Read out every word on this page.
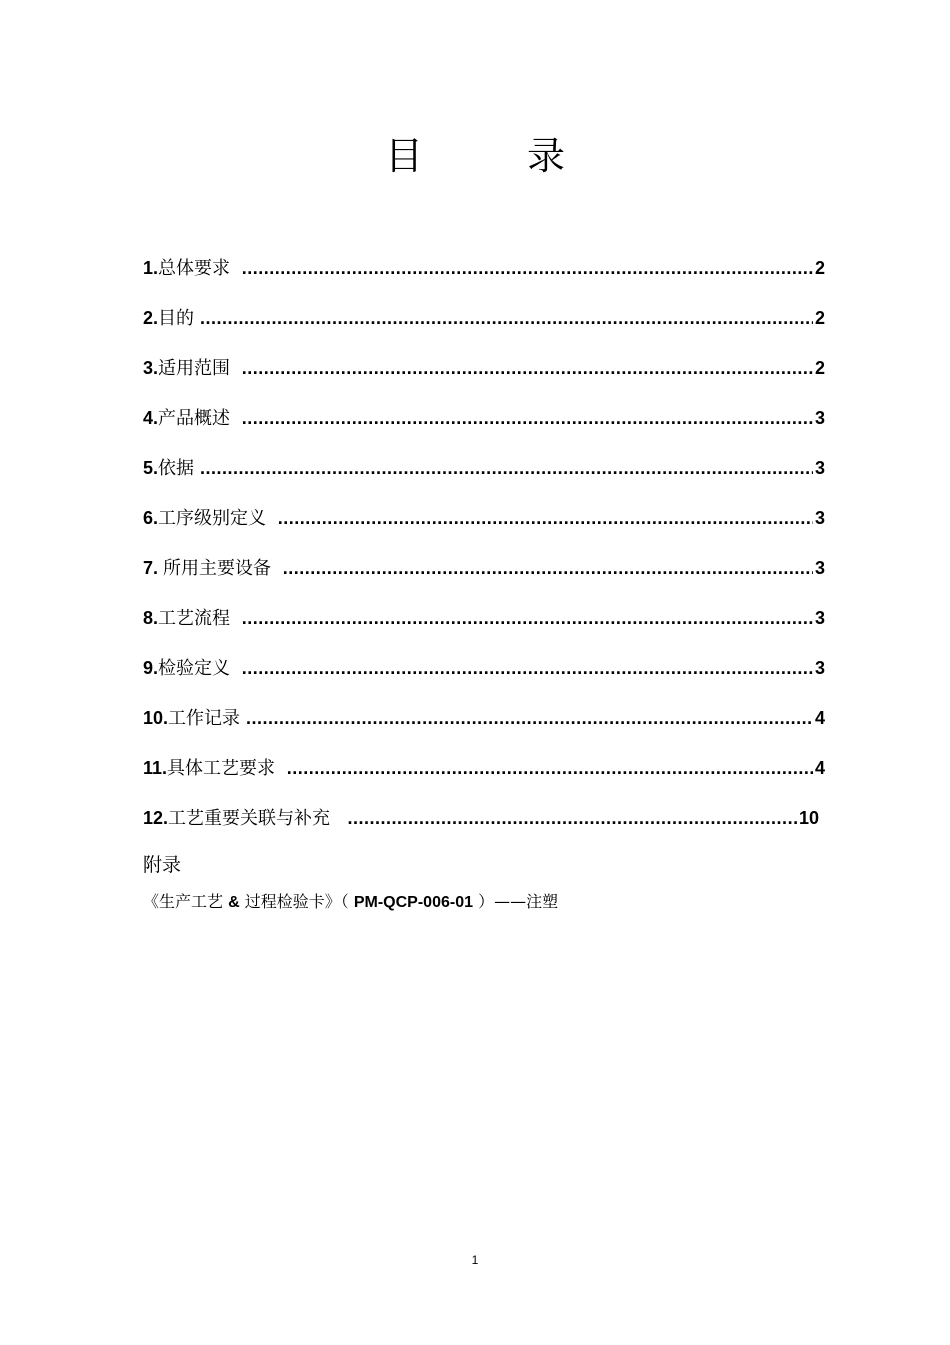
目	录
1. 总体要求 .....	2
2. 目的 .....	2
3. 适用范围 .....	2
4. 产品概述 .....	3
5. 依据 .....	3
6. 工序级别定义 .....	3
7. 所用主要设备 .....	3
8. 工艺流程 .....	3
9. 检验定义 .....	3
10. 工作记录 .....	4
11. 具体工艺要求 .....	4
12. 工艺重要关联与补充 .....	10
附录
《生产工艺 & 过程检验卡》（ PM-QCP-006-01 ）——注塑
1
